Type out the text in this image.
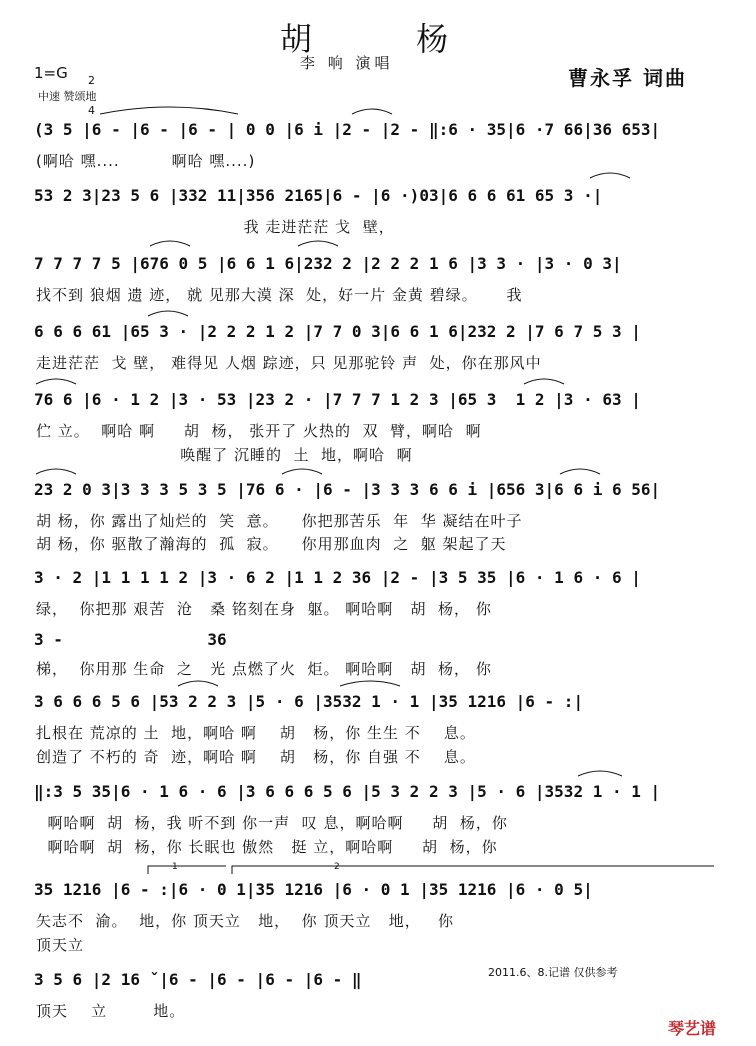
胡  杨
李 响 演唱
曹永孚 词曲
1=G

2

4

中速 赞颂地
(3 5 |6 - |6 - |6 - | 0 0 |6 i |2 - |2 - ‖:6 · 35|6 ·7 66|36 653|
(啊哈 嘿....         啊哈 嘿....)
53 2 3|23 5 6 |332 11|356 2165|6 - |6 ·)03|6 6 6 61 65 3 ·|
我 走进茫茫 戈  壁，
7 7 7 7 5 |676 0 5 |6 6 1 6|232 2 |2 2 2 1 6 |3 3 · |3 · 0 3|
找不到 狼烟 遗 迹， 就 见那大漠 深  处，好一片 金黄 碧绿。     我
6 6 6 61 |65 3 · |2 2 2 1 2 |7 7 0 3|6 6 1 6|232 2 |7 6 7 5 3 |
走进茫茫  戈 壁， 难得见 人烟 踪迹，只 见那驼铃 声  处，你在那风中
76 6 |6 · 1 2 |3 · 53 |23 2 · |7 7 7 1 2 3 |65 3  1 2 |3 · 63 |
伫 立。  啊哈 啊     胡  杨， 张开了 火热的  双  臂，啊哈  啊
唤醒了 沉睡的  土  地，啊哈  啊
23 2 0 3|3 3 3 5 3 5 |76 6 · |6 - |3 3 3 6 6 i |656 3|6 6 i 6 56|
胡 杨，你 露出了灿烂的  笑  意。    你把那苦乐  年  华 凝结在叶子
胡 杨，你 驱散了瀚海的  孤  寂。    你用那血肉  之  躯 架起了天
3 · 2 |1 1 1 1 2 |3 · 6 2 |1 1 2 36 |2 - |3 5 35 |6 · 1 6 · 6 |
绿，  你把那 艰苦  沧   桑 铭刻在身  躯。 啊哈啊   胡  杨， 你
3 -               36
梯，  你用那 生命  之   光 点燃了火  炬。 啊哈啊   胡  杨， 你
3 6 6 6 5 6 |53 2 2 3 |5 · 6 |3532 1 · 1 |35 1216 |6 - :|
扎根在 荒凉的 土  地，啊哈 啊    胡   杨，你 生生 不    息。
创造了 不朽的 奇  迹，啊哈 啊    胡   杨，你 自强 不    息。
‖:3 5 35|6 · 1 6 · 6 |3 6 6 6 5 6 |5 3 2 2 3 |5 · 6 |3532 1 · 1 |
啊哈啊  胡  杨，我 听不到 你一声  叹 息，啊哈啊     胡  杨，你
啊哈啊  胡  杨，你 长眠也 傲然   挺 立，啊哈啊     胡  杨，你
1	2
35 1216 |6 - :|6 · 0 1|35 1216 |6 · 0 1 |35 1216 |6 · 0 5|
矢志不  渝。  地，你 顶天立   地，  你 顶天立   地，   你
顶天立
3 5 6 |2 16 ˇ|6 - |6 - |6 - |6 - ‖
顶天    立        地。
2011.6、8.记谱 仅供参考
琴艺谱
